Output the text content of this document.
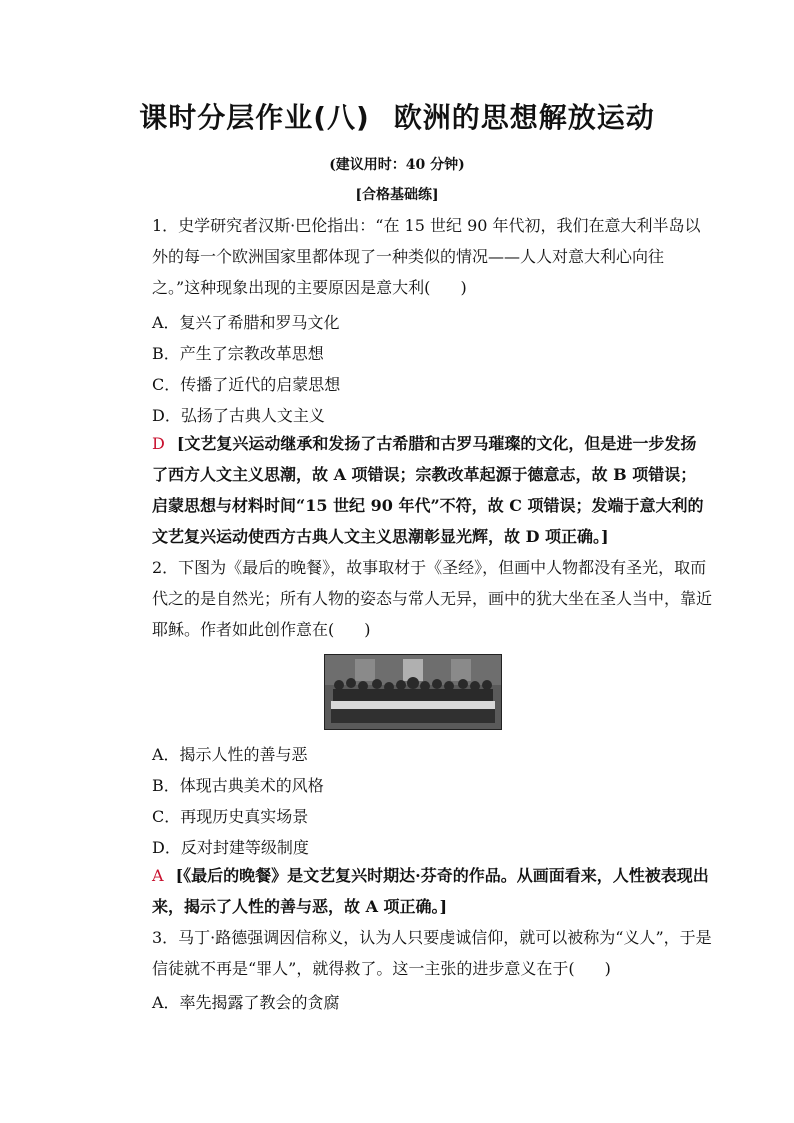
课时分层作业(八) 欧洲的思想解放运动
(建议用时：40 分钟)
[合格基础练]
1．史学研究者汉斯·巴伦指出：“在 15 世纪 90 年代初，我们在意大利半岛以外的每一个欧洲国家里都体现了一种类似的情况——人人对意大利心向往之。”这种现象出现的主要原因是意大利( )
A．复兴了希腊和罗马文化
B．产生了宗教改革思想
C．传播了近代的启蒙思想
D．弘扬了古典人文主义
D [文艺复兴运动继承和发扬了古希腊和古罗马璀璨的文化，但是进一步发扬了西方人文主义思潮，故 A 项错误；宗教改革起源于德意志，故 B 项错误；启蒙思想与材料时间“15 世纪 90 年代”不符，故 C 项错误；发端于意大利的文艺复兴运动使西方古典人文主义思潮彰显光辉，故 D 项正确。]
2．下图为《最后的晚餐》，故事取材于《圣经》，但画中人物都没有圣光，取而代之的是自然光；所有人物的姿态与常人无异，画中的犹大坐在圣人当中，靠近耶稣。作者如此创作意在( )
A．揭示人性的善与恶
B．体现古典美术的风格
C．再现历史真实场景
D．反对封建等级制度
A [《最后的晚餐》是文艺复兴时期达·芬奇的作品。从画面看来，人性被表现出来，揭示了人性的善与恶，故 A 项正确。]
3．马丁·路德强调因信称义，认为人只要虔诚信仰，就可以被称为“义人”，于是信徒就不再是“罪人”，就得救了。这一主张的进步意义在于( )
A．率先揭露了教会的贪腐
